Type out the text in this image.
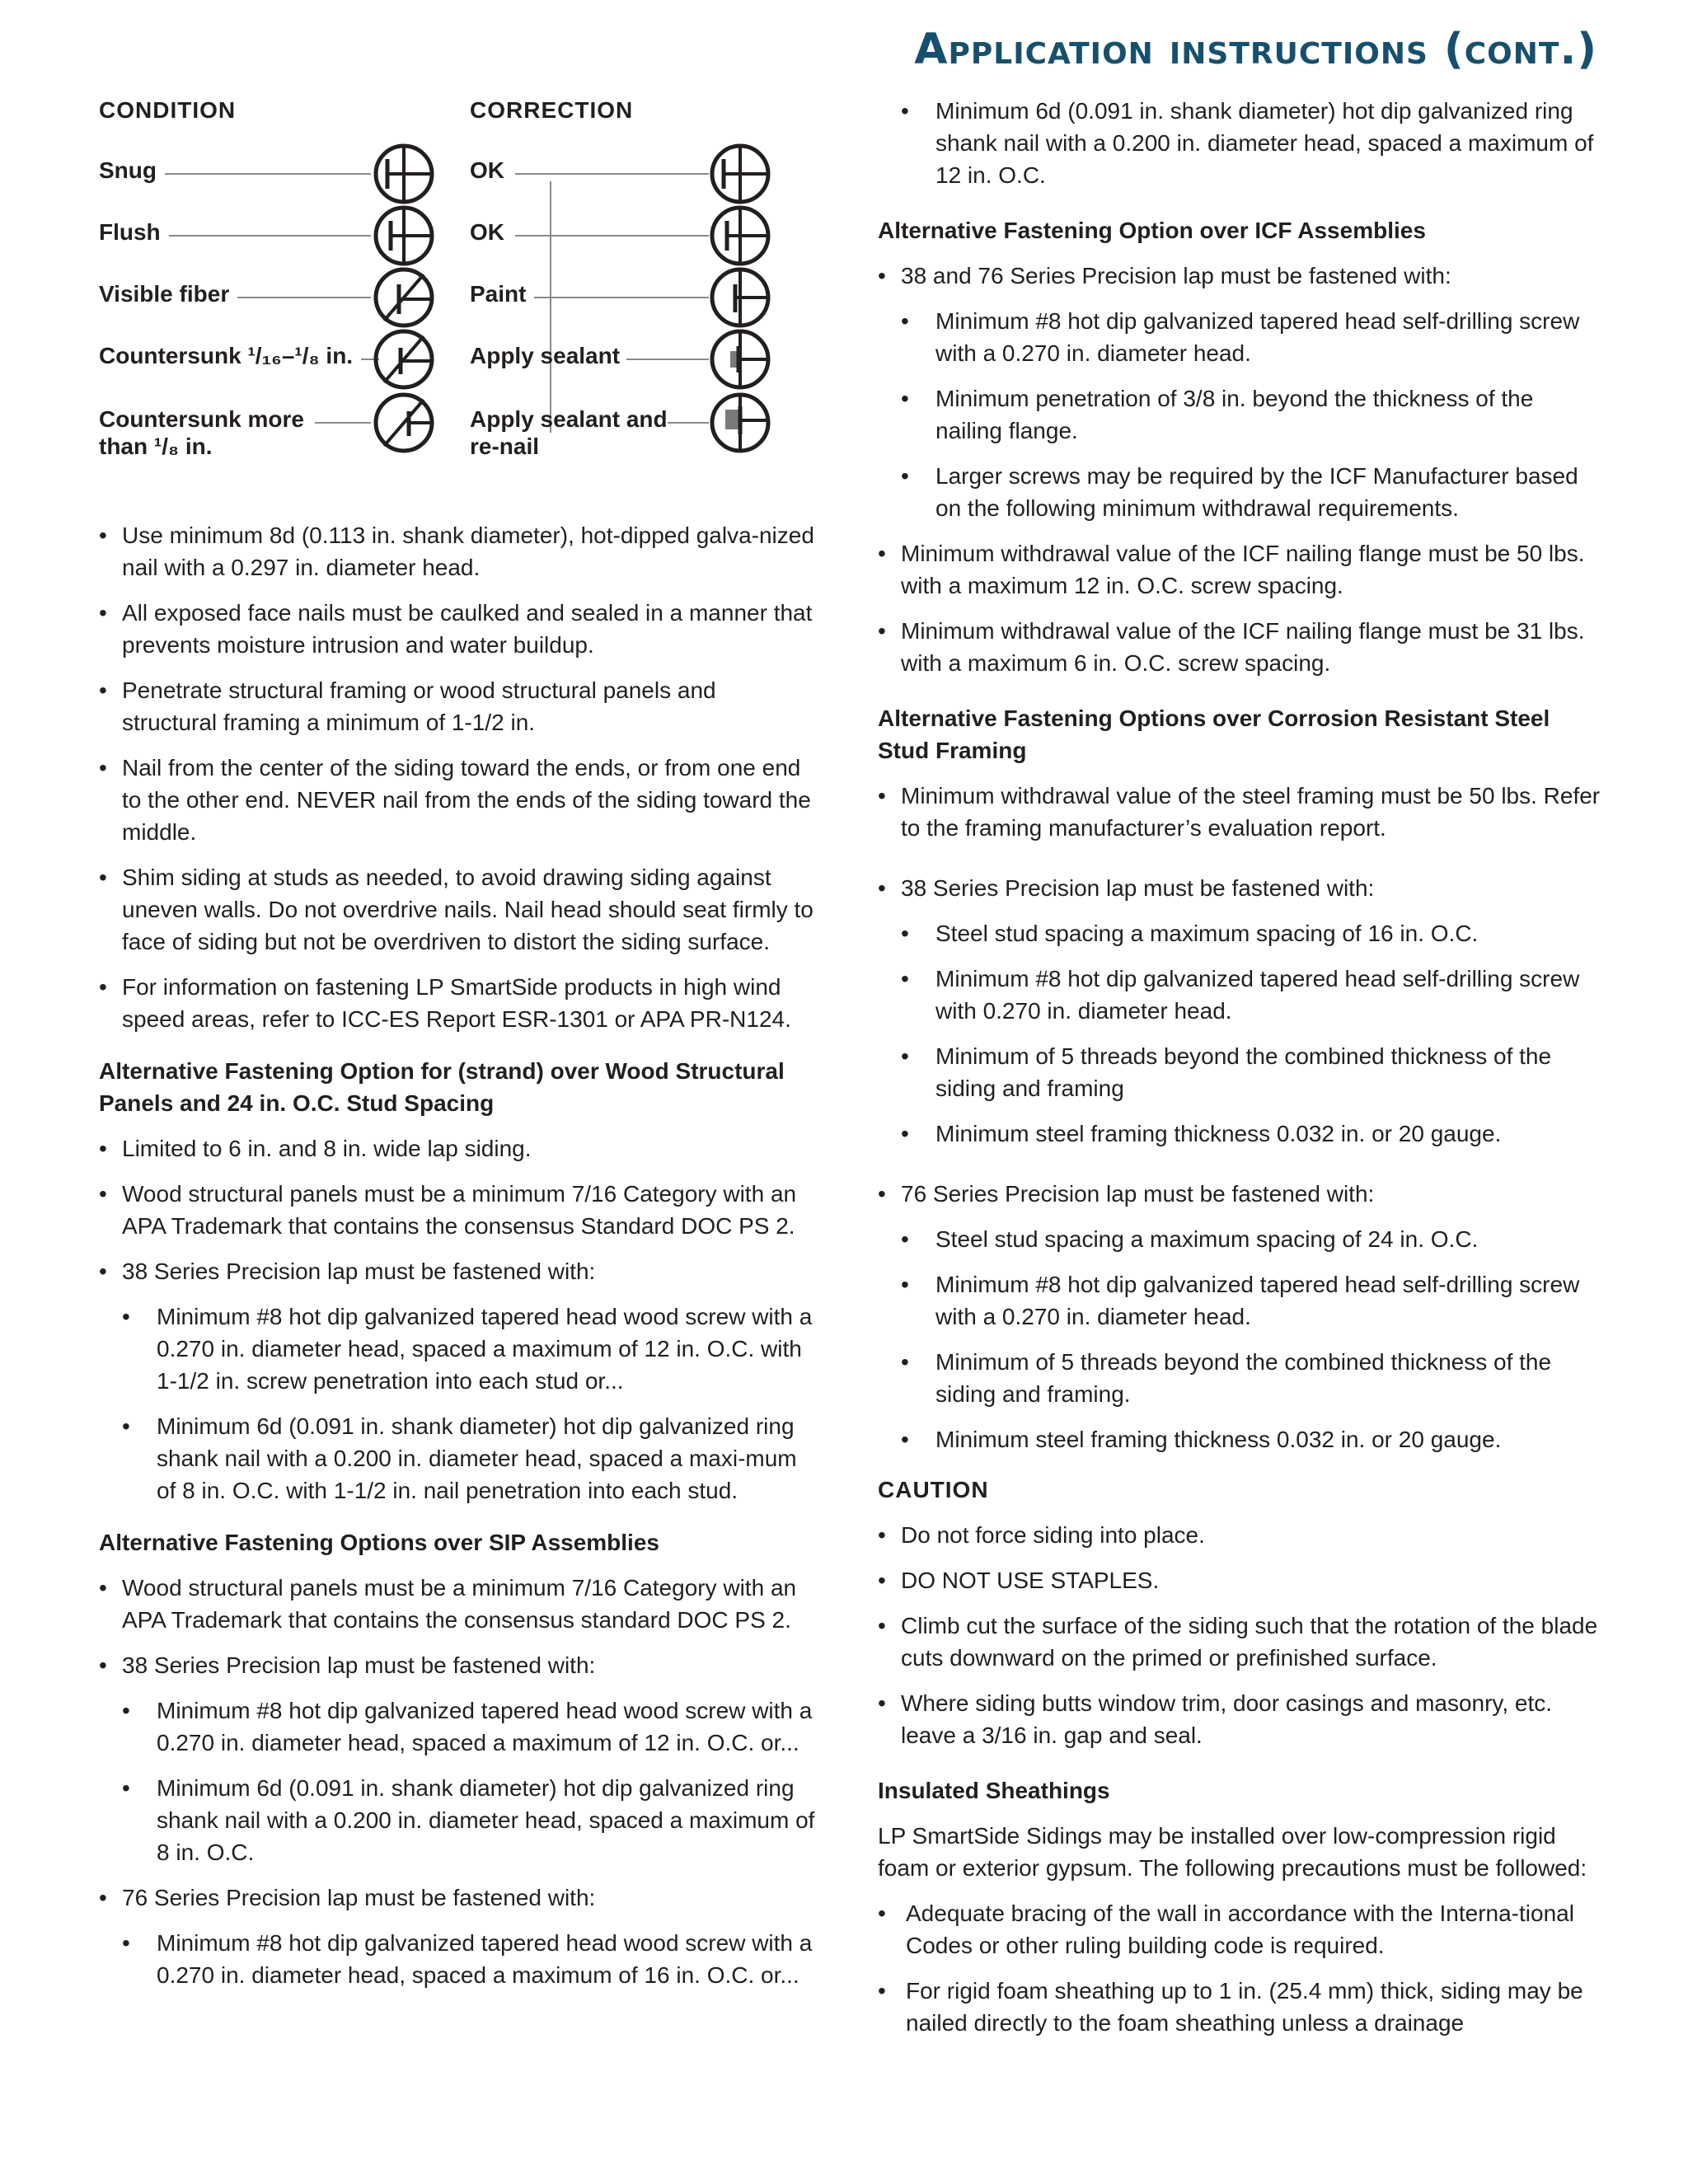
Application instructions (cont.)
CONDITION	CORRECTION
Snug
Flush
Visible fiber
Countersunk ¹/₁₆–¹/₈ in.
Countersunk more
than ¹/₈ in.
OK
OK
Paint
Apply sealant
Apply sealant and
re-nail
• Use minimum 8d (0.113 in. shank diameter), hot-dipped galva-nized nail with a 0.297 in. diameter head.
• All exposed face nails must be caulked and sealed in a manner that prevents moisture intrusion and water buildup.
• Penetrate structural framing or wood structural panels and structural framing a minimum of 1-1/2 in.
• Nail from the center of the siding toward the ends, or from one end to the other end. NEVER nail from the ends of the siding toward the middle.
• Shim siding at studs as needed, to avoid drawing siding against uneven walls. Do not overdrive nails. Nail head should seat firmly to face of siding but not be overdriven to distort the siding surface.
• For information on fastening LP SmartSide products in high wind speed areas, refer to ICC-ES Report ESR-1301 or APA PR-N124.
Alternative Fastening Option for (strand) over Wood Structural Panels and 24 in. O.C. Stud Spacing
• Limited to 6 in. and 8 in. wide lap siding.
• Wood structural panels must be a minimum 7/16 Category with an APA Trademark that contains the consensus Standard DOC PS 2.
• 38 Series Precision lap must be fastened with:
• Minimum #8 hot dip galvanized tapered head wood screw with a 0.270 in. diameter head, spaced a maximum of 12 in. O.C. with 1-1/2 in. screw penetration into each stud or...
• Minimum 6d (0.091 in. shank diameter) hot dip galvanized ring shank nail with a 0.200 in. diameter head, spaced a maxi-mum of 8 in. O.C. with 1-1/2 in. nail penetration into each stud.
Alternative Fastening Options over SIP Assemblies
• Wood structural panels must be a minimum 7/16 Category with an APA Trademark that contains the consensus standard DOC PS 2.
• 38 Series Precision lap must be fastened with:
• Minimum #8 hot dip galvanized tapered head wood screw with a 0.270 in. diameter head, spaced a maximum of 12 in. O.C. or...
• Minimum 6d (0.091 in. shank diameter) hot dip galvanized ring shank nail with a 0.200 in. diameter head, spaced a maximum of 8 in. O.C.
• 76 Series Precision lap must be fastened with:
• Minimum #8 hot dip galvanized tapered head wood screw with a 0.270 in. diameter head, spaced a maximum of 16 in. O.C. or...
• Minimum 6d (0.091 in. shank diameter) hot dip galvanized ring shank nail with a 0.200 in. diameter head, spaced a maximum of 12 in. O.C.
Alternative Fastening Option over ICF Assemblies
• 38 and 76 Series Precision lap must be fastened with:
• Minimum #8 hot dip galvanized tapered head self-drilling screw with a 0.270 in. diameter head.
• Minimum penetration of 3/8 in. beyond the thickness of the nailing flange.
• Larger screws may be required by the ICF Manufacturer based on the following minimum withdrawal requirements.
• Minimum withdrawal value of the ICF nailing flange must be 50 lbs. with a maximum 12 in. O.C. screw spacing.
• Minimum withdrawal value of the ICF nailing flange must be 31 lbs. with a maximum 6 in. O.C. screw spacing.
Alternative Fastening Options over Corrosion Resistant Steel Stud Framing
• Minimum withdrawal value of the steel framing must be 50 lbs. Refer to the framing manufacturer’s evaluation report.
• 38 Series Precision lap must be fastened with:
• Steel stud spacing a maximum spacing of 16 in. O.C.
• Minimum #8 hot dip galvanized tapered head self-drilling screw with 0.270 in. diameter head.
• Minimum of 5 threads beyond the combined thickness of the siding and framing
• Minimum steel framing thickness 0.032 in. or 20 gauge.
• 76 Series Precision lap must be fastened with:
• Steel stud spacing a maximum spacing of 24 in. O.C.
• Minimum #8 hot dip galvanized tapered head self-drilling screw with a 0.270 in. diameter head.
• Minimum of 5 threads beyond the combined thickness of the siding and framing.
• Minimum steel framing thickness 0.032 in. or 20 gauge.
CAUTION
• Do not force siding into place.
• DO NOT USE STAPLES.
• Climb cut the surface of the siding such that the rotation of the blade cuts downward on the primed or prefinished surface.
• Where siding butts window trim, door casings and masonry, etc. leave a 3/16 in. gap and seal.
Insulated Sheathings
LP SmartSide Sidings may be installed over low-compression rigid foam or exterior gypsum. The following precautions must be followed:
• Adequate bracing of the wall in accordance with the Interna-tional Codes or other ruling building code is required.
• For rigid foam sheathing up to 1 in. (25.4 mm) thick, siding may be nailed directly to the foam sheathing unless a drainage
